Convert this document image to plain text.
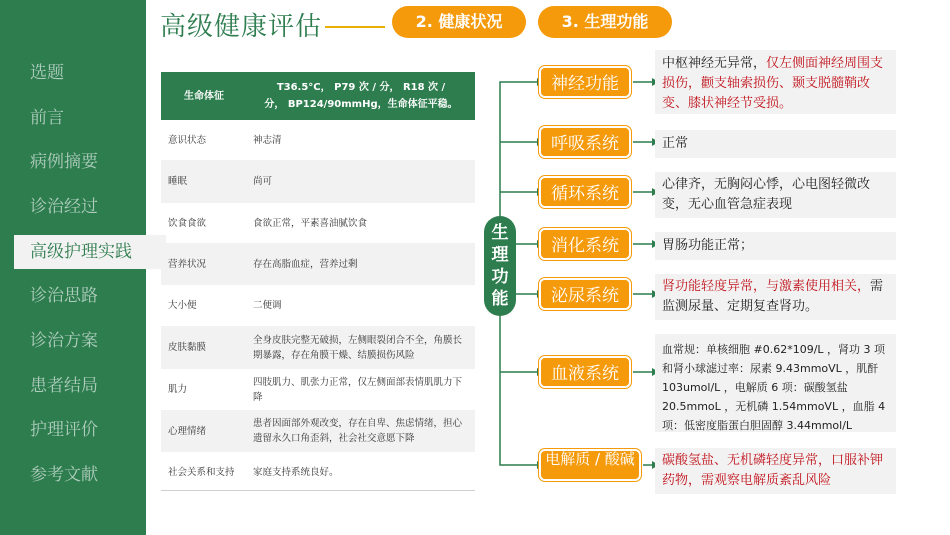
选题
前言
病例摘要
诊治经过
高级护理实践
诊治思路
诊治方案
患者结局
护理评价
参考文献
高级健康评估	2. 健康状况	3. 生理功能
生命体征	T36.5°C， P79 次 / 分， R18 次 /
分， BP124/90mmHg，生命体征平稳。

意识状态	神志清
睡眠	尚可
饮食食欲	食欲正常，平素喜油腻饮食
营养状况	存在高脂血症，营养过剩
大小便	二便调
皮肤黏膜	全身皮肤完整无破损，左侧眼裂闭合不全，角膜长期暴露，存在角膜干燥、结膜损伤风险
肌力	四肢肌力、肌张力正常，仅左侧面部表情肌肌力下降
心理情绪	患者因面部外观改变，存在自卑、焦虑情绪，担心遗留永久口角歪斜，社会社交意愿下降
社会关系和支持	家庭支持系统良好。
生
理
功
能
神经功能
呼吸系统
循环系统
消化系统
泌尿系统
血液系统
电解质 / 酸碱
中枢神经无异常，仅左侧面神经周围支损伤，颧支轴索损伤、颞支脱髓鞘改变、膝状神经节受损。
正常
心律齐，无胸闷心悸，心电图轻微改变，无心血管急症表现
胃肠功能正常；
肾功能轻度异常，与激素使用相关，需监测尿量、定期复查肾功。
血常规：单核细胞 #0.62*109/L ，肾功 3 项和肾小球滤过率：尿素 9.43mmoVL ，肌酐 103umol/L ，电解质 6 项：碳酸氢盐 20.5mmoL ，无机磷 1.54mmoVL ，血脂 4 项：低密度脂蛋白胆固醇 3.44mmol/L
碳酸氢盐、无机磷轻度异常，口服补钾药物，需观察电解质紊乱风险
